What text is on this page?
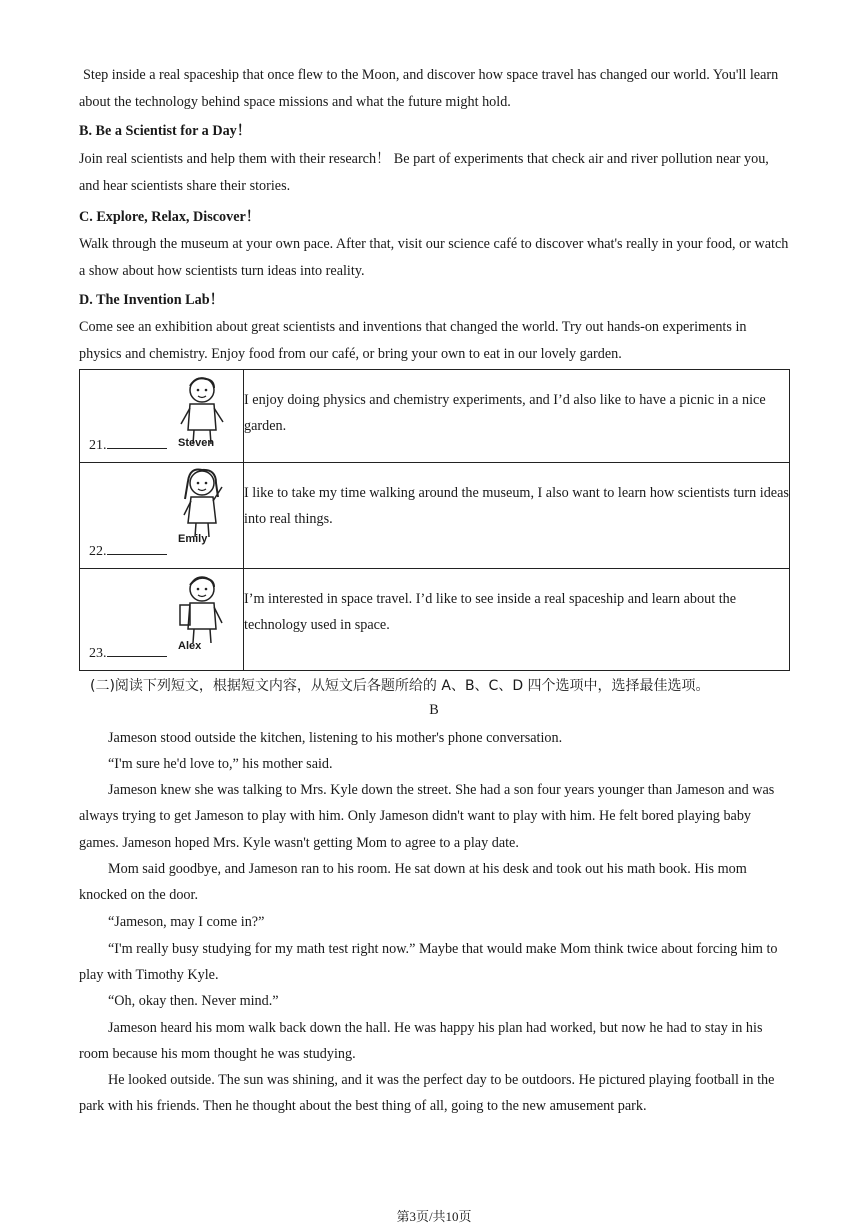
Step inside a real spaceship that once flew to the Moon, and discover how space travel has changed our world. You'll learn about the technology behind space missions and what the future might hold.

B. Be a Scientist for a Day！

Join real scientists and help them with their research！ Be part of experiments that check air and river pollution near you, and hear scientists share their stories.

C. Explore, Relax, Discover！

Walk through the museum at your own pace. After that, visit our science café to discover what's really in your food, or watch a show about how scientists turn ideas into reality.

D. The Invention Lab！

Come see an exhibition about great scientists and inventions that changed the world. Try out hands-on experiments in physics and chemistry. Enjoy food from our café, or bring your own to eat in our lovely garden.

Steven
21.	I enjoy doing physics and chemistry experiments, and I’d also like to have a picnic in a nice garden.

Emily
22.	I like to take my time walking around the museum, I also want to learn how scientists turn ideas into real things.

Alex
23.	I’m interested in space travel. I’d like to see inside a real spaceship and learn about the technology used in space.
(二)阅读下列短文，根据短文内容，从短文后各题所给的 A、B、C、D 四个选项中，选择最佳选项。
B

Jameson stood outside the kitchen, listening to his mother's phone conversation.

“I'm sure he'd love to,” his mother said.

Jameson knew she was talking to Mrs. Kyle down the street. She had a son four years younger than Jameson and was always trying to get Jameson to play with him. Only Jameson didn't want to play with him. He felt bored playing baby games. Jameson hoped Mrs. Kyle wasn't getting Mom to agree to a play date.

Mom said goodbye, and Jameson ran to his room. He sat down at his desk and took out his math book. His mom knocked on the door.

“Jameson, may I come in?”

“I'm really busy studying for my math test right now.” Maybe that would make Mom think twice about forcing him to play with Timothy Kyle.

“Oh, okay then. Never mind.”

Jameson heard his mom walk back down the hall. He was happy his plan had worked, but now he had to stay in his room because his mom thought he was studying.

He looked outside. The sun was shining, and it was the perfect day to be outdoors. He pictured playing football in the park with his friends. Then he thought about the best thing of all, going to the new amusement park.

第3页/共10页
